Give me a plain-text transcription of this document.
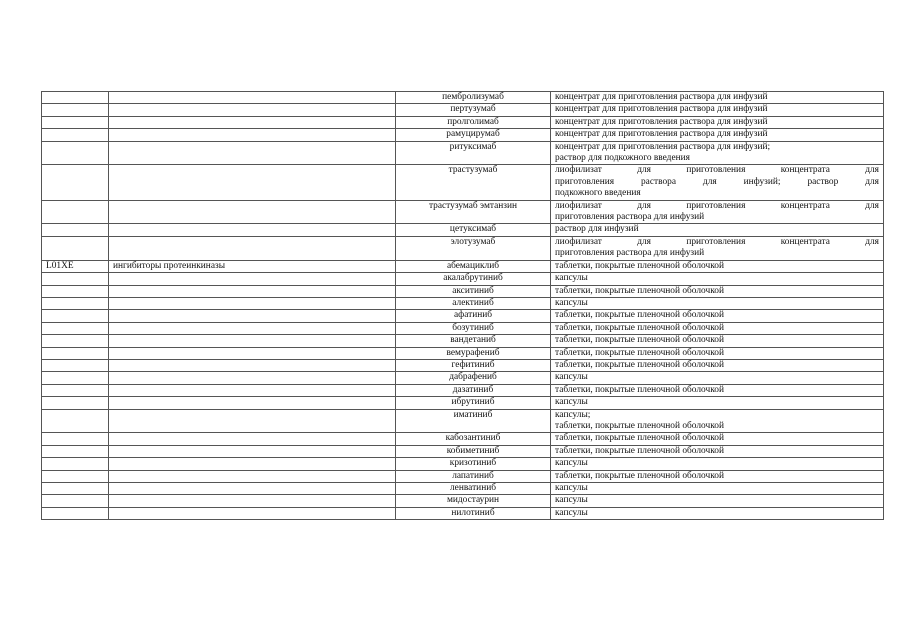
		пембролизумаб	концентрат для приготовления раствора для инфузий

		пертузумаб	концентрат для приготовления раствора для инфузий

		пролголимаб	концентрат для приготовления раствора для инфузий

		рамуцирумаб	концентрат для приготовления раствора для инфузий

		ритуксимаб	концентрат для приготовления раствора для инфузий;
раствор для подкожного введения

		трастузумаб	лиофилизат для приготовления концентрата для
приготовления раствора для инфузий; раствор для
подкожного введения

		трастузумаб эмтанзин	лиофилизат для приготовления концентрата для
приготовления раствора для инфузий

		цетуксимаб	раствор для инфузий

		элотузумаб	лиофилизат для приготовления концентрата для
приготовления раствора для инфузий

L01XE	ингибиторы протеинкиназы	абемациклиб	таблетки, покрытые пленочной оболочкой

		акалабрутиниб	капсулы

		акситиниб	таблетки, покрытые пленочной оболочкой

		алектиниб	капсулы

		афатиниб	таблетки, покрытые пленочной оболочкой

		бозутиниб	таблетки, покрытые пленочной оболочкой

		вандетаниб	таблетки, покрытые пленочной оболочкой

		вемурафениб	таблетки, покрытые пленочной оболочкой

		гефитиниб	таблетки, покрытые пленочной оболочкой

		дабрафениб	капсулы

		дазатиниб	таблетки, покрытые пленочной оболочкой

		ибрутиниб	капсулы

		иматиниб	капсулы;
таблетки, покрытые пленочной оболочкой

		кабозантиниб	таблетки, покрытые пленочной оболочкой

		кобиметиниб	таблетки, покрытые пленочной оболочкой

		кризотиниб	капсулы

		лапатиниб	таблетки, покрытые пленочной оболочкой

		ленватиниб	капсулы

		мидостаурин	капсулы

		нилотиниб	капсулы
